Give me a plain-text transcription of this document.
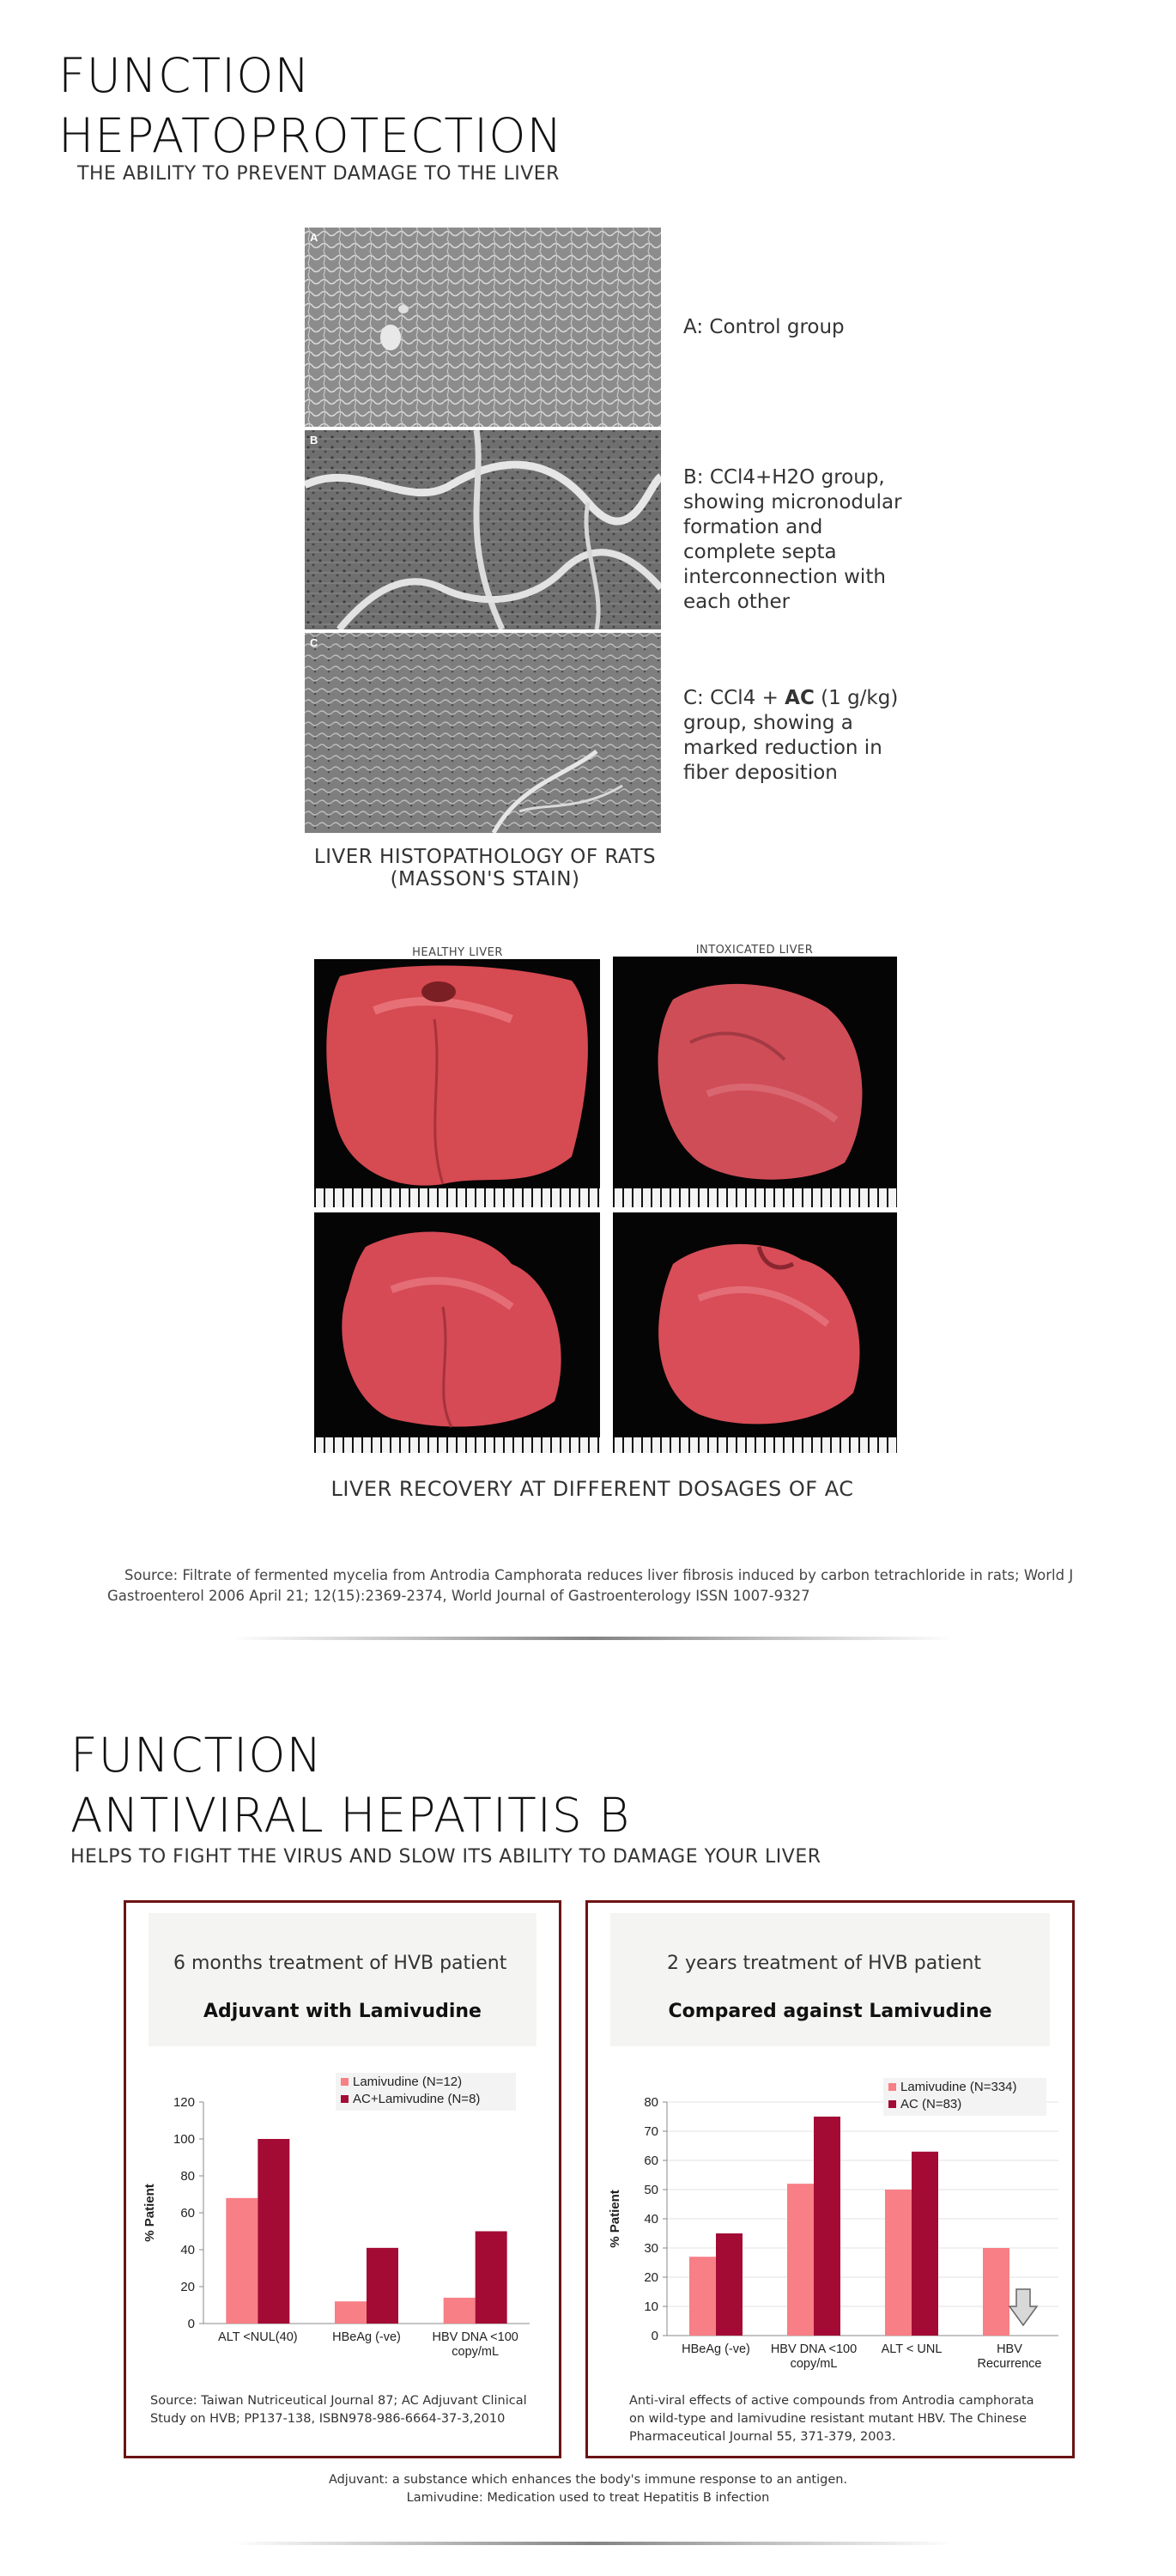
FUNCTION
HEPATOPROTECTION
THE ABILITY TO PREVENT DAMAGE TO THE LIVER
A
B
C
A: Control group
B: CCl4+H2O group, showing micronodular formation and complete septa interconnection with each other
C: CCl4 + AC (1 g/kg) group, showing a marked reduction in fiber deposition
LIVER HISTOPATHOLOGY OF RATS
(MASSON'S STAIN)
HEALTHY LIVER	INTOXICATED LIVER
LIVER RECOVERY AT DIFFERENT DOSAGES OF AC
Source: Filtrate of fermented mycelia from Antrodia Camphorata reduces liver fibrosis induced by carbon tetrachloride in rats; World J Gastroenterol 2006 April 21; 12(15):2369-2374, World Journal of Gastroenterology ISSN 1007-9327
FUNCTION
ANTIVIRAL HEPATITIS B
HELPS TO FIGHT THE VIRUS AND SLOW ITS ABILITY TO DAMAGE YOUR LIVER
6 months treatment of HVB patient
Adjuvant with Lamivudine
0
20
40
60
80
100
120
% Patient
ALT <NUL(40)	HBeAg (-ve)	HBV DNA <100
copy/mL
Lamivudine (N=12)
AC+Lamivudine (N=8)
Source: Taiwan Nutriceutical Journal 87; AC Adjuvant Clinical Study on HVB; PP137-138, ISBN978-986-6664-37-3,2010
2 years treatment of HVB patient
Compared against Lamivudine
0
10
20
30
40
50
60
70
80
% Patient
HBeAg (-ve) HBV DNA <100
copy/mL
ALT < UNL	HBV
Recurrence
Lamivudine (N=334)
AC (N=83)
Anti-viral effects of active compounds from Antrodia camphorata on wild-type and lamivudine resistant mutant HBV. The Chinese Pharmaceutical Journal 55, 371-379, 2003.
Adjuvant: a substance which enhances the body's immune response to an antigen.
Lamivudine: Medication used to treat Hepatitis B infection
